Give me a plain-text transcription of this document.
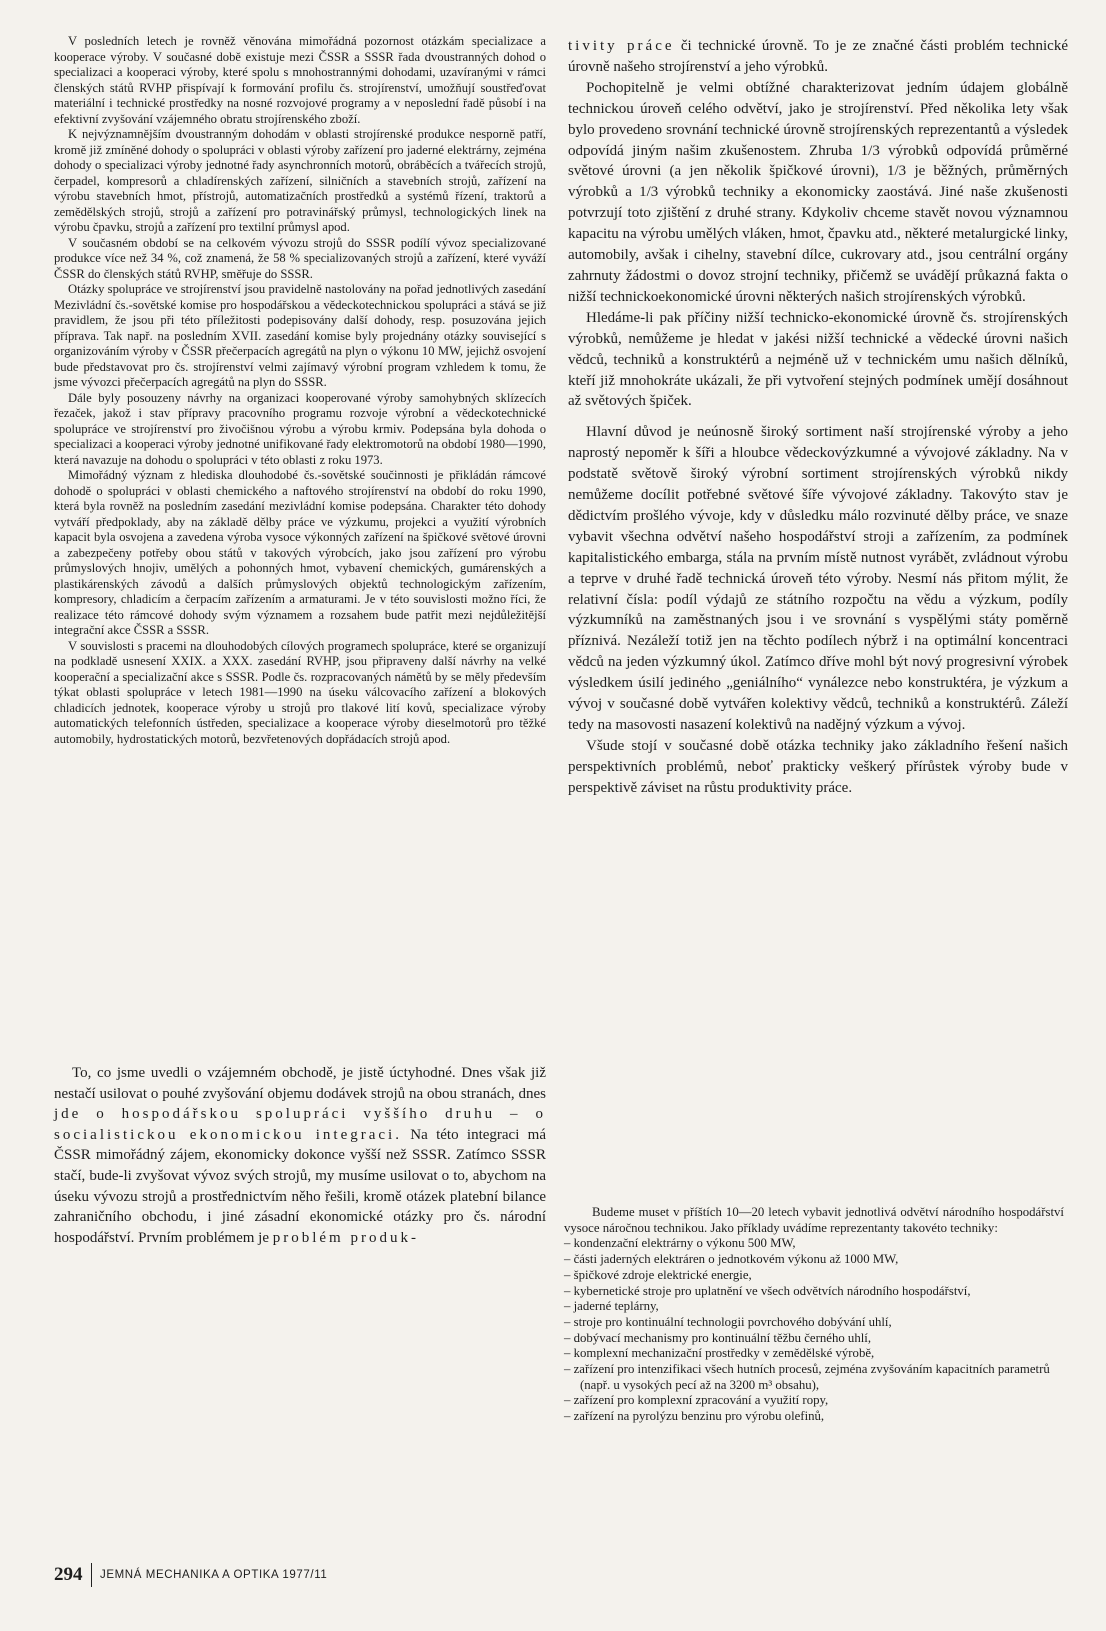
V posledních letech je rovněž věnována mimořádná pozornost otázkám specializace a kooperace výroby. V současné době existuje mezi ČSSR a SSSR řada dvoustranných dohod o specializaci a kooperaci výroby, které spolu s mnohostrannými dohodami, uzavíranými v rámci členských států RVHP přispívají k formování profilu čs. strojírenství, umožňují soustřeďovat materiální i technické prostředky na nosné rozvojové programy a v neposlední řadě působí i na efektivní zvyšování vzájemného obratu strojírenského zboží.

K nejvýznamnějším dvoustranným dohodám v oblasti strojírenské produkce nesporně patří, kromě již zmíněné dohody o spolupráci v oblasti výroby zařízení pro jaderné elektrárny, zejména dohody o specializaci výroby jednotné řady asynchronních motorů, obráběcích a tvářecích strojů, čerpadel, kompresorů a chladírenských zařízení, silničních a stavebních strojů, zařízení na výrobu stavebních hmot, přístrojů, automatizačních prostředků a systémů řízení, traktorů a zemědělských strojů, strojů a zařízení pro potravinářský průmysl, technologických linek na výrobu čpavku, strojů a zařízení pro textilní průmysl apod.

V současném období se na celkovém vývozu strojů do SSSR podílí vývoz specializované produkce více než 34 %, což znamená, že 58 % specializovaných strojů a zařízení, které vyváží ČSSR do členských států RVHP, směřuje do SSSR.

Otázky spolupráce ve strojírenství jsou pravidelně nastolovány na pořad jednotlivých zasedání Mezivládní čs.-sovětské komise pro hospodářskou a vědeckotechnickou spolupráci a stává se již pravidlem, že jsou při této příležitosti podepisovány další dohody, resp. posuzována jejich příprava. Tak např. na posledním XVII. zasedání komise byly projednány otázky související s organizováním výroby v ČSSR přečerpacích agregátů na plyn o výkonu 10 MW, jejichž osvojení bude představovat pro čs. strojírenství velmi zajímavý výrobní program vzhledem k tomu, že jsme vývozci přečerpacích agregátů na plyn do SSSR.

Dále byly posouzeny návrhy na organizaci kooperované výroby samohybných sklízecích řezaček, jakož i stav přípravy pracovního programu rozvoje výrobní a vědeckotechnické spolupráce ve strojírenství pro živočišnou výrobu a výrobu krmiv. Podepsána byla dohoda o specializaci a kooperaci výroby jednotné unifikované řady elektromotorů na období 1980—1990, která navazuje na dohodu o spolupráci v této oblasti z roku 1973.

Mimořádný význam z hlediska dlouhodobé čs.-sovětské součinnosti je přikládán rámcové dohodě o spolupráci v oblasti chemického a naftového strojírenství na období do roku 1990, která byla rovněž na posledním zasedání mezivládní komise podepsána. Charakter této dohody vytváří předpoklady, aby na základě dělby práce ve výzkumu, projekci a využití výrobních kapacit byla osvojena a zavedena výroba vysoce výkonných zařízení na špičkové světové úrovni a zabezpečeny potřeby obou států v takových výrobcích, jako jsou zařízení pro výrobu průmyslových hnojiv, umělých a pohonných hmot, vybavení chemických, gumárenských a plastikárenských závodů a dalších průmyslových objektů technologickým zařízením, kompresory, chladicím a čerpacím zařízením a armaturami. Je v této souvislosti možno říci, že realizace této rámcové dohody svým významem a rozsahem bude patřit mezi nejdůležitější integrační akce ČSSR a SSSR.

V souvislosti s pracemi na dlouhodobých cílových programech spolupráce, které se organizují na podkladě usnesení XXIX. a XXX. zasedání RVHP, jsou připraveny další návrhy na velké kooperační a specializační akce s SSSR. Podle čs. rozpracovaných námětů by se měly především týkat oblasti spolupráce v letech 1981—1990 na úseku válcovacího zařízení a blokových chladicích jednotek, kooperace výroby u strojů pro tlakové lití kovů, specializace výroby automatických telefonních ústředen, specializace a kooperace výroby dieselmotorů pro těžké automobily, hydrostatických motorů, bezvřetenových dopřádacích strojů apod.

To, co jsme uvedli o vzájemném obchodě, je jistě úctyhodné. Dnes však již nestačí usilovat o pouhé zvyšování objemu dodávek strojů na obou stranách, dnes jde o hospodářskou spolupráci vyššího druhu – o socialistickou ekonomickou integraci. Na této integraci má ČSSR mimořádný zájem, ekonomicky dokonce vyšší než SSSR. Zatímco SSSR stačí, bude-li zvyšovat vývoz svých strojů, my musíme usilovat o to, abychom na úseku vývozu strojů a prostřednictvím něho řešili, kromě otázek platební bilance zahraničního obchodu, i jiné zásadní ekonomické otázky pro čs. národní hospodářství. Prvním problémem je problém produk-

tivity práce či technické úrovně. To je ze značné části problém technické úrovně našeho strojírenství a jeho výrobků.

Pochopitelně je velmi obtížné charakterizovat jedním údajem globálně technickou úroveň celého odvětví, jako je strojírenství. Před několika lety však bylo provedeno srovnání technické úrovně strojírenských reprezentantů a výsledek odpovídá jiným našim zkušenostem. Zhruba 1/3 výrobků odpovídá průměrné světové úrovni (a jen několik špičkové úrovni), 1/3 je běžných, průměrných výrobků a 1/3 výrobků techniky a ekonomicky zaostává. Jiné naše zkušenosti potvrzují toto zjištění z druhé strany. Kdykoliv chceme stavět novou významnou kapacitu na výrobu umělých vláken, hmot, čpavku atd., některé metalurgické linky, automobily, avšak i cihelny, stavební dílce, cukrovary atd., jsou centrální orgány zahrnuty žádostmi o dovoz strojní techniky, přičemž se uvádějí průkazná fakta o nižší technickoekonomické úrovni některých našich strojírenských výrobků.

Hledáme-li pak příčiny nižší technicko-ekonomické úrovně čs. strojírenských výrobků, nemůžeme je hledat v jakési nižší technické a vědecké úrovni našich vědců, techniků a konstruktérů a nejméně už v technickém umu našich dělníků, kteří již mnohokráte ukázali, že při vytvoření stejných podmínek umějí dosáhnout až světových špiček.

Hlavní důvod je neúnosně široký sortiment naší strojírenské výroby a jeho naprostý nepoměr k šíři a hloubce vědeckovýzkumné a vývojové základny. Na v podstatě světově široký výrobní sortiment strojírenských výrobků nikdy nemůžeme docílit potřebné světové šíře vývojové základny. Takovýto stav je dědictvím prošlého vývoje, kdy v důsledku málo rozvinuté dělby práce, ve snaze vybavit všechna odvětví našeho hospodářství stroji a zařízením, za podmínek kapitalistického embarga, stála na prvním místě nutnost vyrábět, zvládnout výrobu a teprve v druhé řadě technická úroveň této výroby. Nesmí nás přitom mýlit, že relativní čísla: podíl výdajů ze státního rozpočtu na vědu a výzkum, podíly výzkumníků na zaměstnaných jsou i ve srovnání s vyspělými státy poměrně příznivá. Nezáleží totiž jen na těchto podílech nýbrž i na optimální koncentraci vědců na jeden výzkumný úkol. Zatímco dříve mohl být nový progresivní výrobek výsledkem úsilí jediného „geniálního“ vynálezce nebo konstruktéra, je výzkum a vývoj v současné době vytvářen kolektivy vědců, techniků a konstruktérů. Záleží tedy na masovosti nasazení kolektivů na nadějný výzkum a vývoj.

Všude stojí v současné době otázka techniky jako základního řešení našich perspektivních problémů, neboť prakticky veškerý přírůstek výroby bude v perspektivě záviset na růstu produktivity práce.

Budeme muset v příštích 10—20 letech vybavit jednotlivá odvětví národního hospodářství vysoce náročnou technikou. Jako příklady uvádíme reprezentanty takovéto techniky:

– kondenzační elektrárny o výkonu 500 MW,
– části jaderných elektráren o jednotkovém výkonu až 1000 MW,
– špičkové zdroje elektrické energie,
– kybernetické stroje pro uplatnění ve všech odvětvích národního hospodářství,
– jaderné teplárny,
– stroje pro kontinuální technologii povrchového dobývání uhlí,
– dobývací mechanismy pro kontinuální těžbu černého uhlí,
– komplexní mechanizační prostředky v zemědělské výrobě,
– zařízení pro intenzifikaci všech hutních procesů, zejména zvyšováním kapacitních parametrů (např. u vysokých pecí až na 3200 m³ obsahu),
– zařízení pro komplexní zpracování a využití ropy,
– zařízení na pyrolýzu benzinu pro výrobu olefinů,
294 JEMNÁ MECHANIKA A OPTIKA 1977/11
